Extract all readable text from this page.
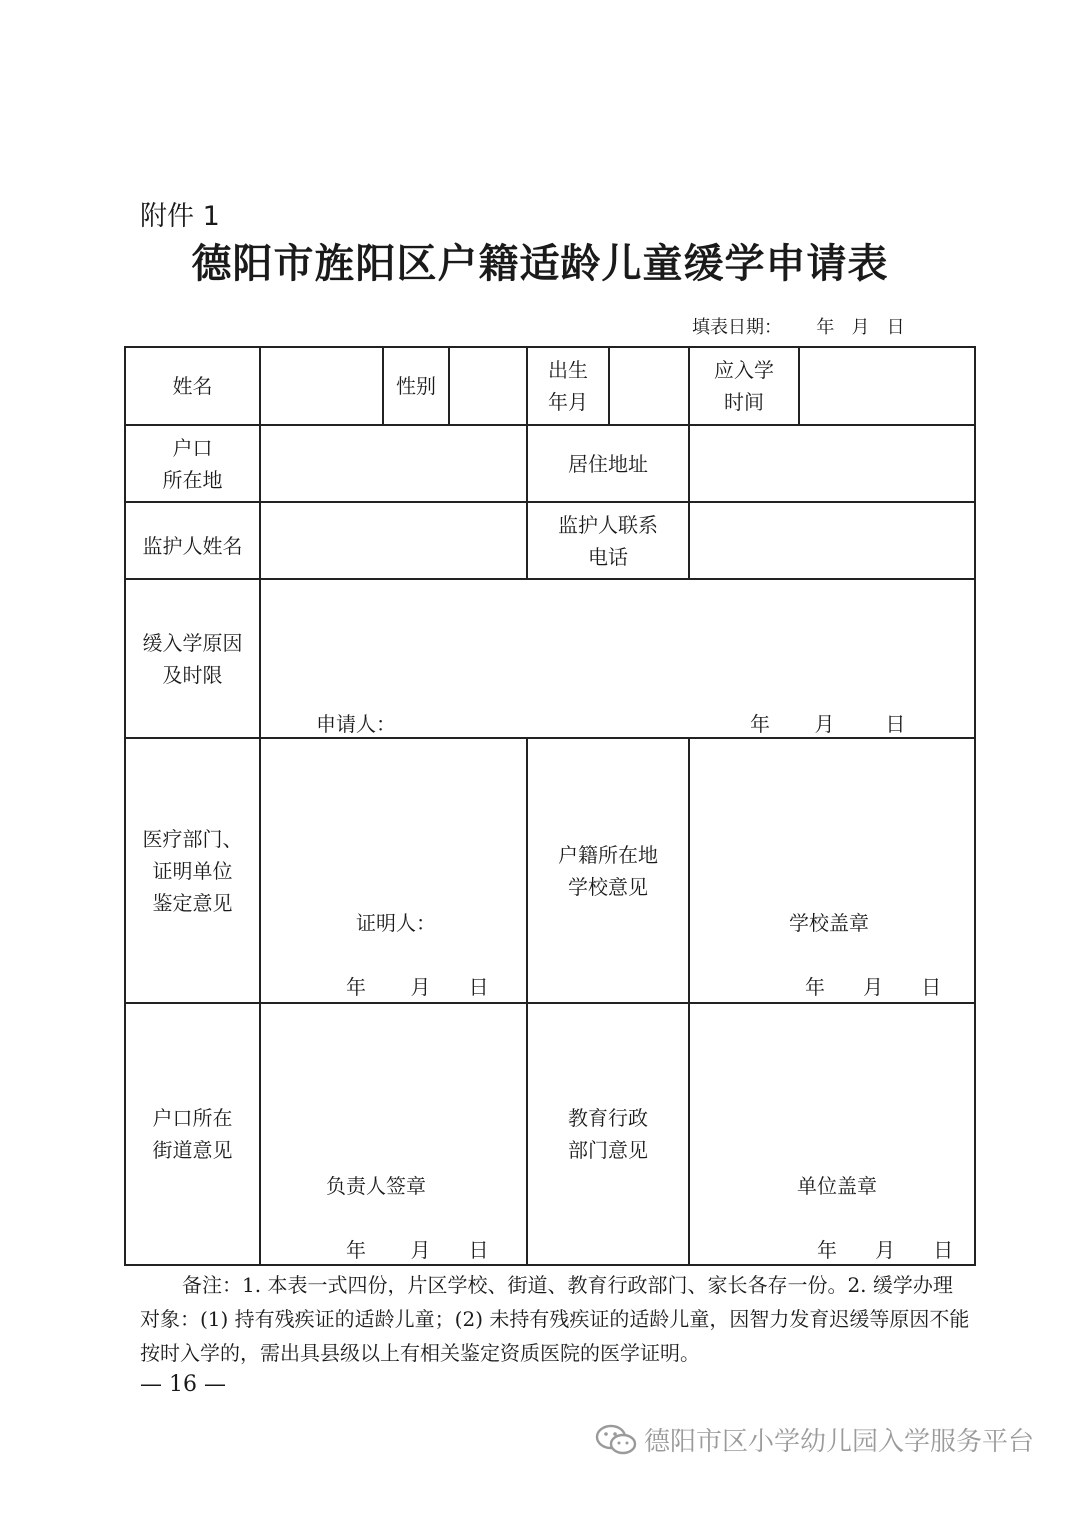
附件 1
德阳市旌阳区户籍适龄儿童缓学申请表
填表日期：      年   月   日
姓名	性别
出生
年月
应入学
时间
户口
所在地
居住地址
监护人姓名
监护人联系
电话
缓入学原因
及时限
申请人：	年       月        日
医疗部门、
证明单位
鉴定意见
证明人：
年       月      日
户籍所在地
学校意见
学校盖章
年      月      日
户口所在
街道意见
负责人签章
年       月      日
教育行政
部门意见
单位盖章
年      月      日
备注：1. 本表一式四份，片区学校、街道、教育行政部门、家长各存一份。2. 缓学办理对象：(1) 持有残疾证的适龄儿童；(2) 未持有残疾证的适龄儿童，因智力发育迟缓等原因不能按时入学的，需出具县级以上有相关鉴定资质医院的医学证明。
— 16 —
德阳市区小学幼儿园入学服务平台
